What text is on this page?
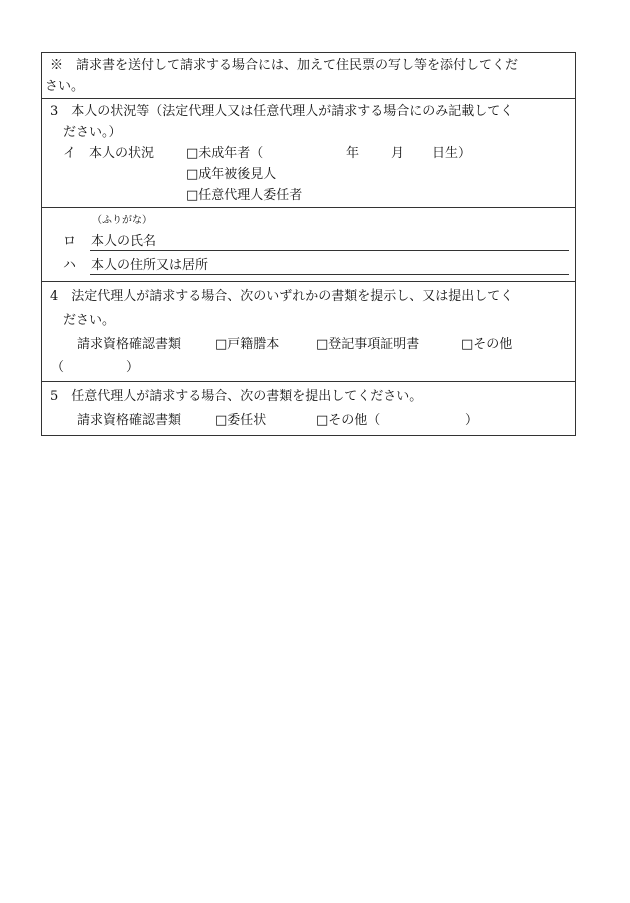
※　請求書を送付して請求する場合には、加えて住民票の写し等を添付してくだ
さい。
3　本人の状況等（法定代理人又は任意代理人が請求する場合にのみ記載してく
ださい。）
イ　本人の状況 □未成年者（	年 月 日生）
□成年被後見人
□任意代理人委任者
（ふりがな）
ロ 本人の氏名
ハ 本人の住所又は居所
4　法定代理人が請求する場合、次のいずれかの書類を提示し、又は提出してく
ださい。
請求資格確認書類	□戸籍謄本	□登記事項証明書	□その他
（	）
5　任意代理人が請求する場合、次の書類を提出してください。
請求資格確認書類	□委任状	□その他（	）
